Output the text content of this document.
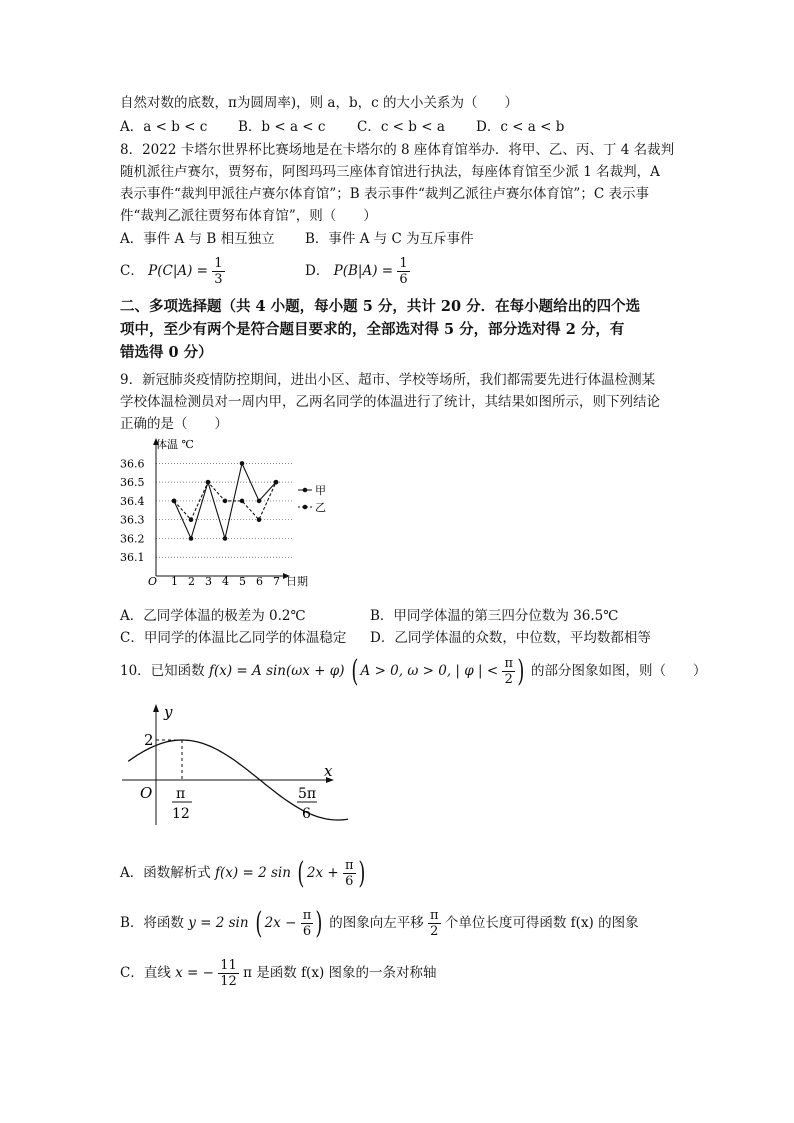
自然对数的底数，π为圆周率)，则 a，b，c 的大小关系为（　　）
A．a < b < c B．b < a < c C．c < b < a D．c < a < b
8．2022 卡塔尔世界杯比赛场地是在卡塔尔的 8 座体育馆举办．将甲、乙、丙、丁 4 名裁判
随机派往卢赛尔，贾努布，阿图玛玛三座体育馆进行执法，每座体育馆至少派 1 名裁判，A
表示事件“裁判甲派往卢赛尔体育馆”；B 表示事件“裁判乙派往卢赛尔体育馆”；C 表示事
件“裁判乙派往贾努布体育馆”，则（　　）
A．事件 A 与 B 相互独立 B．事件 A 与 C 为互斥事件
C． $P(C|A) = \frac{1}{3}$	D． $P(B|A) = \frac{1}{6}$
二、多项选择题（共 4 小题，每小题 5 分，共计 20 分．在每小题给出的四个选
项中，至少有两个是符合题目要求的，全部选对得 5 分，部分选对得 2 分，有
错选得 0 分）
9．新冠肺炎疫情防控期间，进出小区、超市、学校等场所，我们都需要先进行体温检测某
学校体温检测员对一周内甲，乙两名同学的体温进行了统计，其结果如图所示，则下列结论
正确的是（　　）
36.1
36.2
36.3
36.4
36.5
36.6
1 2 3 4 5 6 7
甲
乙
体温 ℃
日期
O
A．乙同学体温的极差为 0.2℃	B．甲同学体温的第三四分位数为 36.5℃
C．甲同学的体温比乙同学的体温稳定 D．乙同学体温的众数，中位数，平均数都相等
10．已知函数 f(x) = A sin(ωx + φ) ( A > 0, ω > 0, | φ | < $\frac{\pi}{2}$ ) 的部分图象如图，则（　　）
y
x
O
2
π
12
5π
6
A．函数解析式 f(x) = 2 sin ( $2x + \frac{\pi}{6}$ )
B．将函数 y = 2 sin ( $2x - \frac{\pi}{6}$ ) 的图象向左平移 $\frac{\pi}{2}$ 个单位长度可得函数 f(x) 的图象
C．直线 x = − $\frac{11}{12}$ π 是函数 f(x) 图象的一条对称轴
